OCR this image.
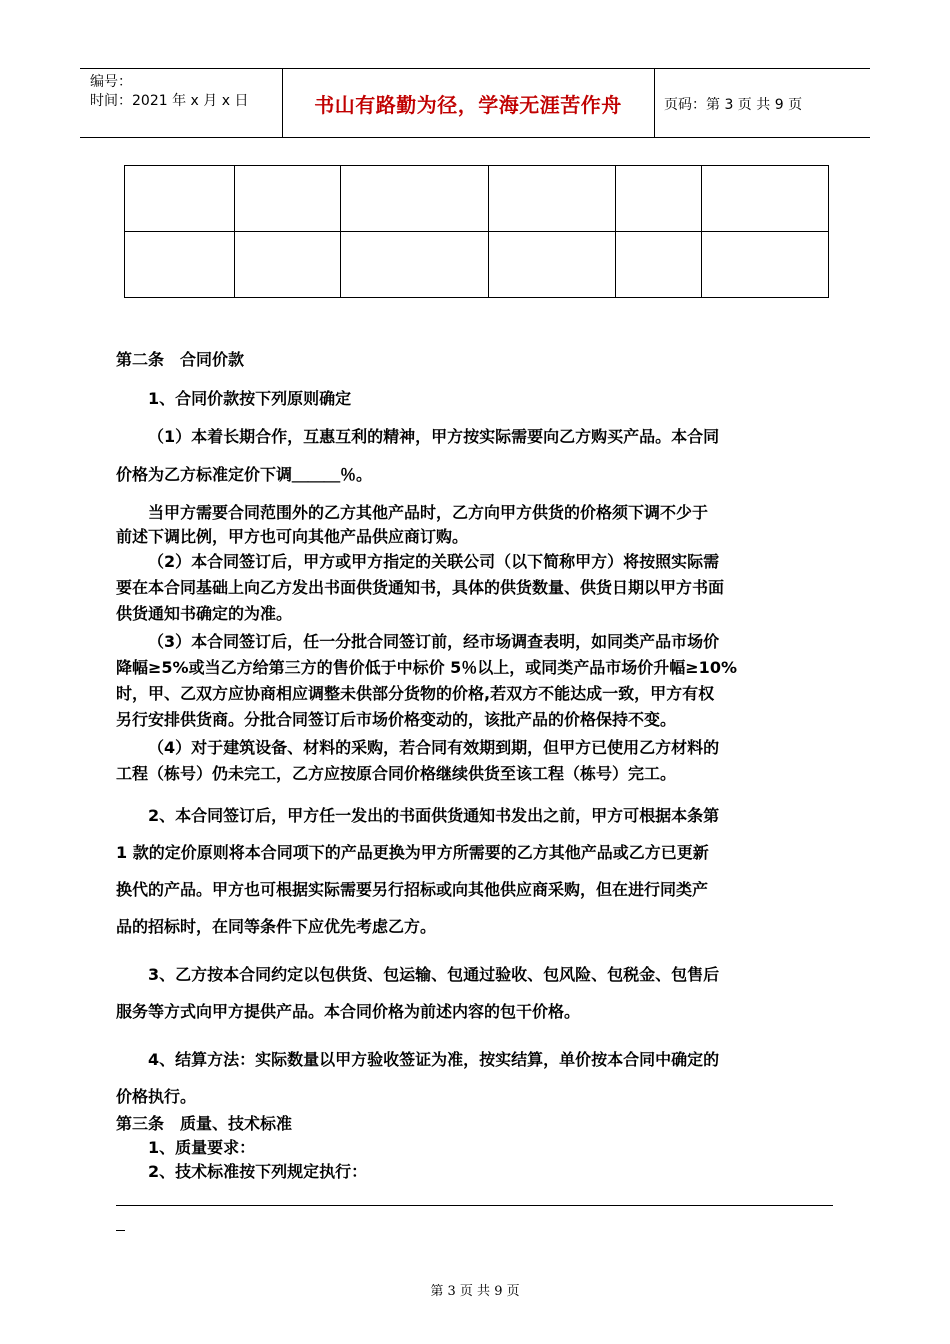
编号：
时间：2021 年 x 月 x 日	书山有路勤为径，学海无涯苦作舟	页码：第 3 页 共 9 页

第二条　合同价款

1、合同价款按下列原则确定

（1）本着长期合作，互惠互利的精神，甲方按实际需要向乙方购买产品。本合同

价格为乙方标准定价下调＿＿＿％。

当甲方需要合同范围外的乙方其他产品时，乙方向甲方供货的价格须下调不少于

前述下调比例，甲方也可向其他产品供应商订购。

（2）本合同签订后，甲方或甲方指定的关联公司（以下简称甲方）将按照实际需

要在本合同基础上向乙方发出书面供货通知书，具体的供货数量、供货日期以甲方书面

供货通知书确定的为准。

（3）本合同签订后，任一分批合同签订前，经市场调查表明，如同类产品市场价

降幅≥5%或当乙方给第三方的售价低于中标价 5％以上，或同类产品市场价升幅≥10%

时，甲、乙双方应协商相应调整未供部分货物的价格,若双方不能达成一致，甲方有权

另行安排供货商。分批合同签订后市场价格变动的，该批产品的价格保持不变。

（4）对于建筑设备、材料的采购，若合同有效期到期，但甲方已使用乙方材料的

工程（栋号）仍未完工，乙方应按原合同价格继续供货至该工程（栋号）完工。

2、本合同签订后，甲方任一发出的书面供货通知书发出之前，甲方可根据本条第

1 款的定价原则将本合同项下的产品更换为甲方所需要的乙方其他产品或乙方已更新

换代的产品。甲方也可根据实际需要另行招标或向其他供应商采购，但在进行同类产

品的招标时，在同等条件下应优先考虑乙方。

3、乙方按本合同约定以包供货、包运输、包通过验收、包风险、包税金、包售后

服务等方式向甲方提供产品。本合同价格为前述内容的包干价格。

4、结算方法：实际数量以甲方验收签证为准，按实结算，单价按本合同中确定的

价格执行。

第三条　质量、技术标准

1、质量要求：

2、技术标准按下列规定执行：

第 3 页 共 9 页
